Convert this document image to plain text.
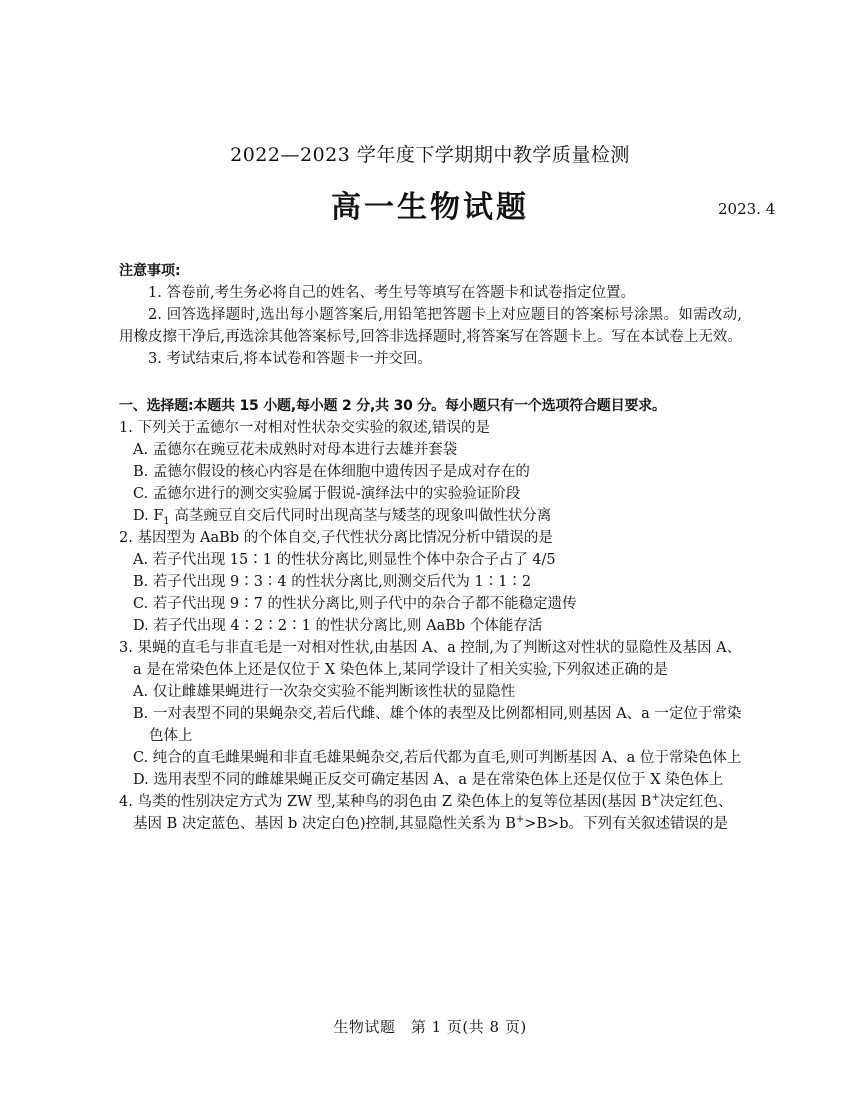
2022—2023 学年度下学期期中教学质量检测
高一生物试题	2023. 4
注意事项:
1. 答卷前,考生务必将自己的姓名、考生号等填写在答题卡和试卷指定位置。
2. 回答选择题时,选出每小题答案后,用铅笔把答题卡上对应题目的答案标号涂黑。如需改动,用橡皮擦干净后,再选涂其他答案标号,回答非选择题时,将答案写在答题卡上。写在本试卷上无效。
3. 考试结束后,将本试卷和答题卡一并交回。
一、选择题:本题共 15 小题,每小题 2 分,共 30 分。每小题只有一个选项符合题目要求。
1. 下列关于孟德尔一对相对性状杂交实验的叙述,错误的是
A. 孟德尔在豌豆花未成熟时对母本进行去雄并套袋
B. 孟德尔假设的核心内容是在体细胞中遗传因子是成对存在的
C. 孟德尔进行的测交实验属于假说-演绎法中的实验验证阶段
D. $F_1$ 高茎豌豆自交后代同时出现高茎与矮茎的现象叫做性状分离
2. 基因型为 AaBb 的个体自交,子代性状分离比情况分析中错误的是
A. 若子代出现 15∶1 的性状分离比,则显性个体中杂合子占了 4/5
B. 若子代出现 9∶3∶4 的性状分离比,则测交后代为 1∶1∶2
C. 若子代出现 9∶7 的性状分离比,则子代中的杂合子都不能稳定遗传
D. 若子代出现 4∶2∶2∶1 的性状分离比,则 AaBb 个体能存活
3. 果蝇的直毛与非直毛是一对相对性状,由基因 A、a 控制,为了判断这对性状的显隐性及基因 A、a 是在常染色体上还是仅位于 X 染色体上,某同学设计了相关实验,下列叙述正确的是
A. 仅让雌雄果蝇进行一次杂交实验不能判断该性状的显隐性
B. 一对表型不同的果蝇杂交,若后代雌、雄个体的表型及比例都相同,则基因 A、a 一定位于常染色体上
C. 纯合的直毛雌果蝇和非直毛雄果蝇杂交,若后代都为直毛,则可判断基因 A、a 位于常染色体上
D. 选用表型不同的雌雄果蝇正反交可确定基因 A、a 是在常染色体上还是仅位于 X 染色体上
4. 鸟类的性别决定方式为 ZW 型,某种鸟的羽色由 Z 染色体上的复等位基因(基因 B+决定红色、基因 B 决定蓝色、基因 b 决定白色)控制,其显隐性关系为 B+>B>b。下列有关叙述错误的是
生物试题　第 1 页(共 8 页)
